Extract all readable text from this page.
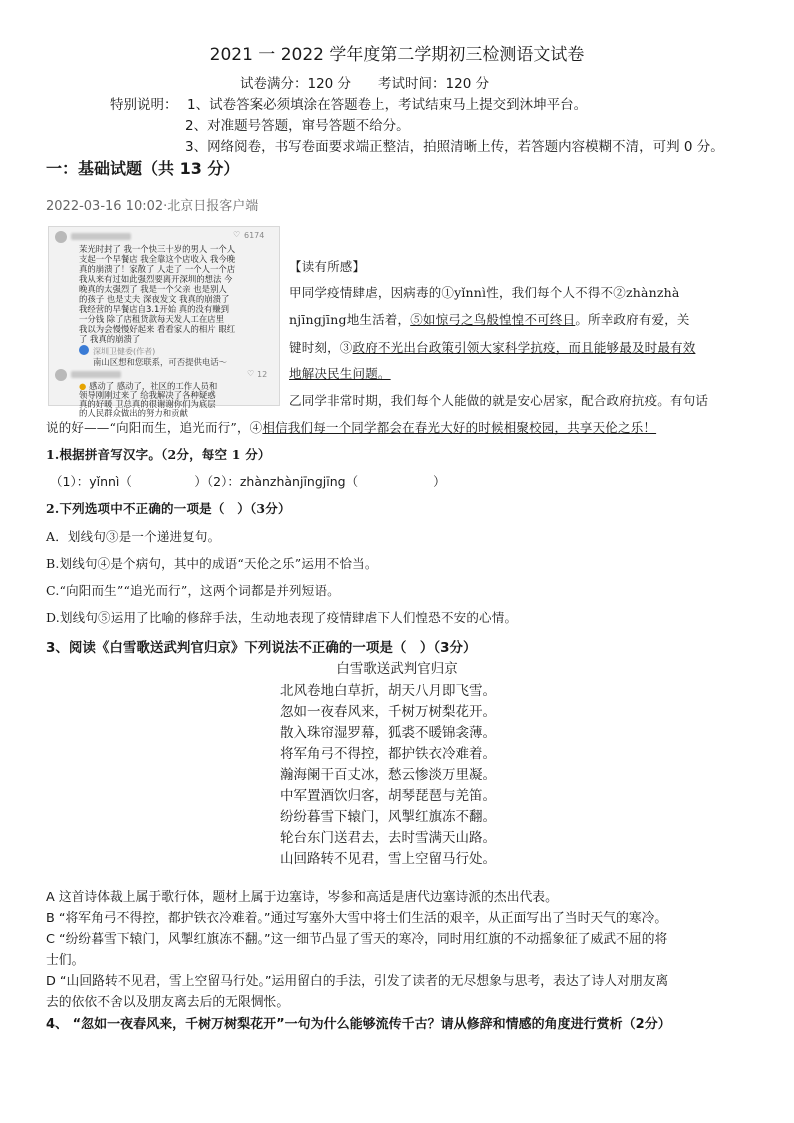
2021 一 2022 学年度第二学期初三检测语文试卷
试卷满分：120 分　　考试时间：120 分
特别说明： 1、试卷答案必须填涂在答题卷上，考试结束马上提交到沐坤平台。
2、对准题号答题，窜号答题不给分。
3、网络阅卷，书写卷面要求端正整洁，拍照清晰上传，若答题内容模糊不清，可判 0 分。
一：基础试题（共 13 分）
2022-03-16 10:02·北京日报客户端
♡ 6174
茉光时封了 我一个快三十岁的男人 一个人
支起一个早餐店 我全靠这个店收入 我今晚
真的崩溃了！家散了 人走了 一个人一个店
我从来有过如此强烈要离开深圳的想法 今
晚真的太强烈了 我是一个父亲 也是别人
的孩子 也是丈夫 深夜发文 我真的崩溃了
我经营的早餐店自3.1开始 真的没有赚到
一分钱 除了店租货款每天发人工在店里
我以为会慢慢好起来 看看家人的相片 眼红
了 我真的崩溃了
深圳卫健委(作者)
南山区想和您联系，可否提供电话～
♡ 12
● 感动了 感动了，社区的工作人员和
领导刚刚过来了 给我解决了各种疑惑
真的好暖 卫总真的很谢谢你们为底层
的人民群众做出的努力和贡献
【读有所感】
甲同学疫情肆虐，因病毒的①yǐnnì性，我们每个人不得不②zhànzhà
njīngjīng地生活着，⑤如惊弓之鸟般惶惶不可终日。所幸政府有爱，关
键时刻，③政府不光出台政策引领大家科学抗疫，而且能够最及时最有效
地解决民生问题。
乙同学非常时期，我们每个人能做的就是安心居家，配合政府抗疫。有句话
说的好——“向阳而生，追光而行”，④相信我们每一个同学都会在春光大好的时候相聚校园，共享天伦之乐！
1.根据拼音写汉字。（2分，每空 1 分）
（1）：yǐnnì（　　　　　）（2）：zhànzhànjīngjīng（　　　　　　）
2.下列选项中不正确的一项是（　）（3分）
A．划线句③是一个递进复句。
B.划线句④是个病句，其中的成语“天伦之乐”运用不恰当。
C.“向阳而生”“追光而行”，这两个词都是并列短语。
D.划线句⑤运用了比喻的修辞手法，生动地表现了疫情肆虐下人们惶恐不安的心情。
3、阅读《白雪歌送武判官归京》下列说法不正确的一项是（　）（3分）
白雪歌送武判官归京
北风卷地白草折，胡天八月即飞雪。
忽如一夜春风来，千树万树梨花开。
散入珠帘湿罗幕，狐裘不暖锦衾薄。
将军角弓不得控，都护铁衣冷难着。
瀚海阑干百丈冰，愁云惨淡万里凝。
中军置酒饮归客，胡琴琵琶与羌笛。
纷纷暮雪下辕门，风掣红旗冻不翻。
轮台东门送君去，去时雪满天山路。
山回路转不见君，雪上空留马行处。
A 这首诗体裁上属于歌行体，题材上属于边塞诗，岑参和高适是唐代边塞诗派的杰出代表。
B “将军角弓不得控，都护铁衣冷难着。”通过写塞外大雪中将士们生活的艰辛，从正面写出了当时天气的寒冷。
C “纷纷暮雪下辕门，风掣红旗冻不翻。”这一细节凸显了雪天的寒冷，同时用红旗的不动摇象征了威武不屈的将
士们。
D “山回路转不见君，雪上空留马行处。”运用留白的手法，引发了读者的无尽想象与思考，表达了诗人对朋友离
去的依依不舍以及朋友离去后的无限惆怅。
4、 “忽如一夜春风来，千树万树梨花开”一句为什么能够流传千古？请从修辞和情感的角度进行赏析（2分）
